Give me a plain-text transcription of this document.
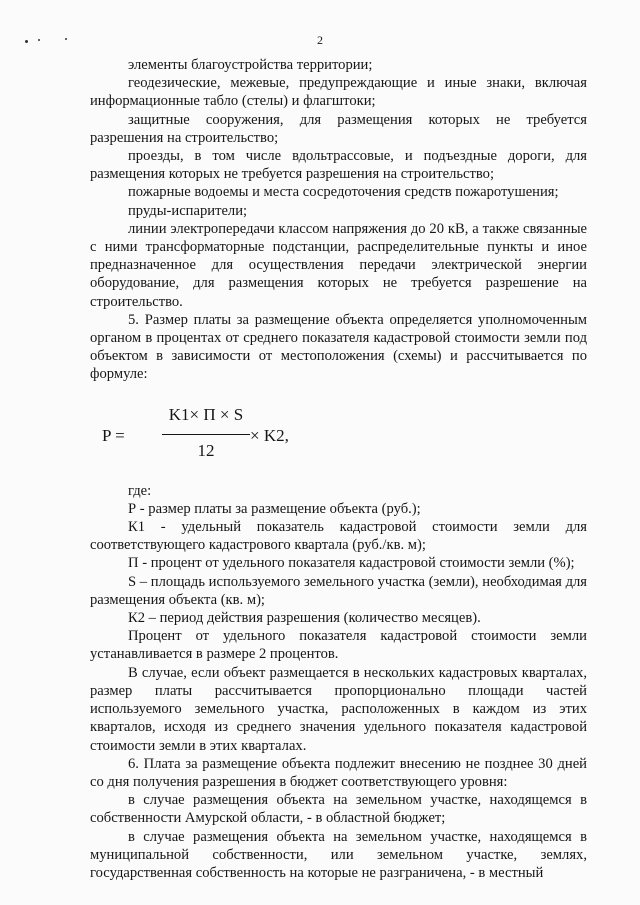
2

элементы благоустройства территории;

геодезические, межевые, предупреждающие и иные знаки, включая информационные табло (стелы) и флагштоки;

защитные сооружения, для размещения которых не требуется разрешения на строительство;

проезды, в том числе вдольтрассовые, и подъездные дороги, для размещения которых не требуется разрешения на строительство;

пожарные водоемы и места сосредоточения средств пожаротушения;

пруды-испарители;

линии электропередачи классом напряжения до 20 кВ, а также связанные с ними трансформаторные подстанции, распределительные пункты и иное предназначенное для осуществления передачи электрической энергии оборудование, для размещения которых не требуется разрешение на строительство.

5. Размер платы за размещение объекта определяется уполномоченным органом в процентах от среднего показателя кадастровой стоимости земли под объектом в зависимости от местоположения (схемы) и рассчитывается по формуле:

P =
K1× П × S
12
× K2,

где:

Р - размер платы за размещение объекта (руб.);

К1 - удельный показатель кадастровой стоимости земли для соответствующего кадастрового квартала (руб./кв. м);

П - процент от удельного показателя кадастровой стоимости земли (%);

S – площадь используемого земельного участка (земли), необходимая для размещения объекта (кв. м);

К2 – период действия разрешения (количество месяцев).

Процент от удельного показателя кадастровой стоимости земли устанавливается в размере 2 процентов.

В случае, если объект размещается в нескольких кадастровых кварталах, размер платы рассчитывается пропорционально площади частей используемого земельного участка, расположенных в каждом из этих кварталов, исходя из среднего значения удельного показателя кадастровой стоимости земли в этих кварталах.

6. Плата за размещение объекта подлежит внесению не позднее 30 дней со дня получения разрешения в бюджет соответствующего уровня:

в случае размещения объекта на земельном участке, находящемся в собственности Амурской области, - в областной бюджет;

в случае размещения объекта на земельном участке, находящемся в муниципальной собственности, или земельном участке, землях, государственная собственность на которые не разграничена, - в местный
